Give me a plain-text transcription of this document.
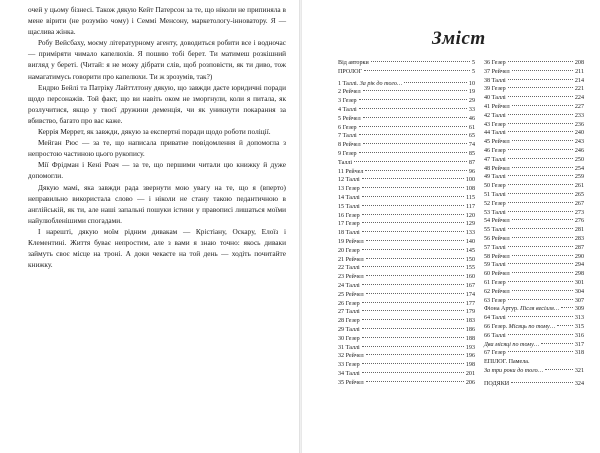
очей у цьому бізнесі. Також дякую Кейт Патерсон за те, що ніколи не припиняла в мене вірити (не розумію чому) і Семмі Менсону, маркетологу-інноватору. Я — щаслива жінка.

Робу Вейсбаху, моєму літературному агенту, доводиться робити все і водночас — приміряти чимало капелюхів. Я пошию тобі берет. Ти матимеш розкішний вигляд у береті. (Читай: я не можу дібрати слів, щоб розповісти, як ти диво, тож намагатимусь говорити про капелюхи. Ти ж зрозумів, так?)

Ендрю Бейлі та Патріку Лайттлтону дякую, що завжди даєте юридичні поради щодо персонажів. Той факт, що ви навіть оком не зморгнули, коли я питала, як розлучитися, якщо у твоєї дружини деменція, чи як уникнути покарання за вбивство, багато про вас каже.

Керрія Меррет, як завжди, дякую за експертні поради щодо роботи поліції.

Мейган Рюс — за те, що написала приватне повідомлення й допомогла з непростою частиною цього рукопису.

Мії Фрідман і Кені Роач — за те, що першими читали цю книжку й дуже допомогли.

Дякую мамі, яка завжди рада звернути мою увагу на те, що я (вперто) неправильно використала слово — і ніколи не стану такою педантичною в англійській, як ти, але наші запальні пошуки істини у правописі лишаться моїми найулюбленішими спогадами.

І нарешті, дякую моїм рідним дивакам — Крістіану, Оскару, Елоїз і Клементині. Життя буває непростим, але з вами я знаю точно: якось диваки займуть своє місце на троні. А доки чекаєте на той день — ходіть почитайте книжку.

Зміст
Від авторки	5
ПРОЛОГ	5
1 Таллі. За рік до того…	10
2 Рейчел	19
3 Гезер	29
4 Таллі	33
5 Рейчел	46
6 Гезер	61
7 Таллі	65
8 Рейчел	74
9 Гезер	85
Таллі	87
11 Рейчел	96
12 Таллі	100
13 Гезер	108
14 Таллі	115
15 Таллі	117
16 Гезер	120
17 Гезер	129
18 Таллі	133
19 Рейчел	140
20 Гезер	145
21 Рейчел	150
22 Таллі	155
23 Рейчел	160
24 Таллі	167
25 Рейчел	174
26 Гезер	177
27 Таллі	179
28 Гезер	183
29 Таллі	186
30 Гезер	188
31 Таллі	193
32 Рейчел	196
33 Гезер	198
34 Таллі	201
35 Рейчел	206
36 Гезер	208
37 Рейчел	211
38 Таллі	214
39 Гезер	221
40 Таллі	224
41 Рейчел	227
42 Таллі	233
43 Гезер	236
44 Таллі	240
45 Рейчел	243
46 Гезер	246
47 Таллі	250
48 Рейчел	254
49 Таллі	259
50 Гезер	261
51 Таллі	265
52 Гезер	267
53 Таллі	273
54 Рейчел	276
55 Таллі	281
56 Рейчел	283
57 Таллі	287
58 Рейчел	290
59 Таллі	294
60 Рейчел	298
61 Гезер	301
62 Рейчел	304
63 Гезер	307
Фіона Артур. Після весілля…	309
64 Таллі	313
66 Гезер. Місяць по тому…	315
66 Таллі	316
Два місяці по тому…	317
67 Гезер	318
ЕПІЛОГ. Памела.
За три роки до того…	321
ПОДЯКИ	324
